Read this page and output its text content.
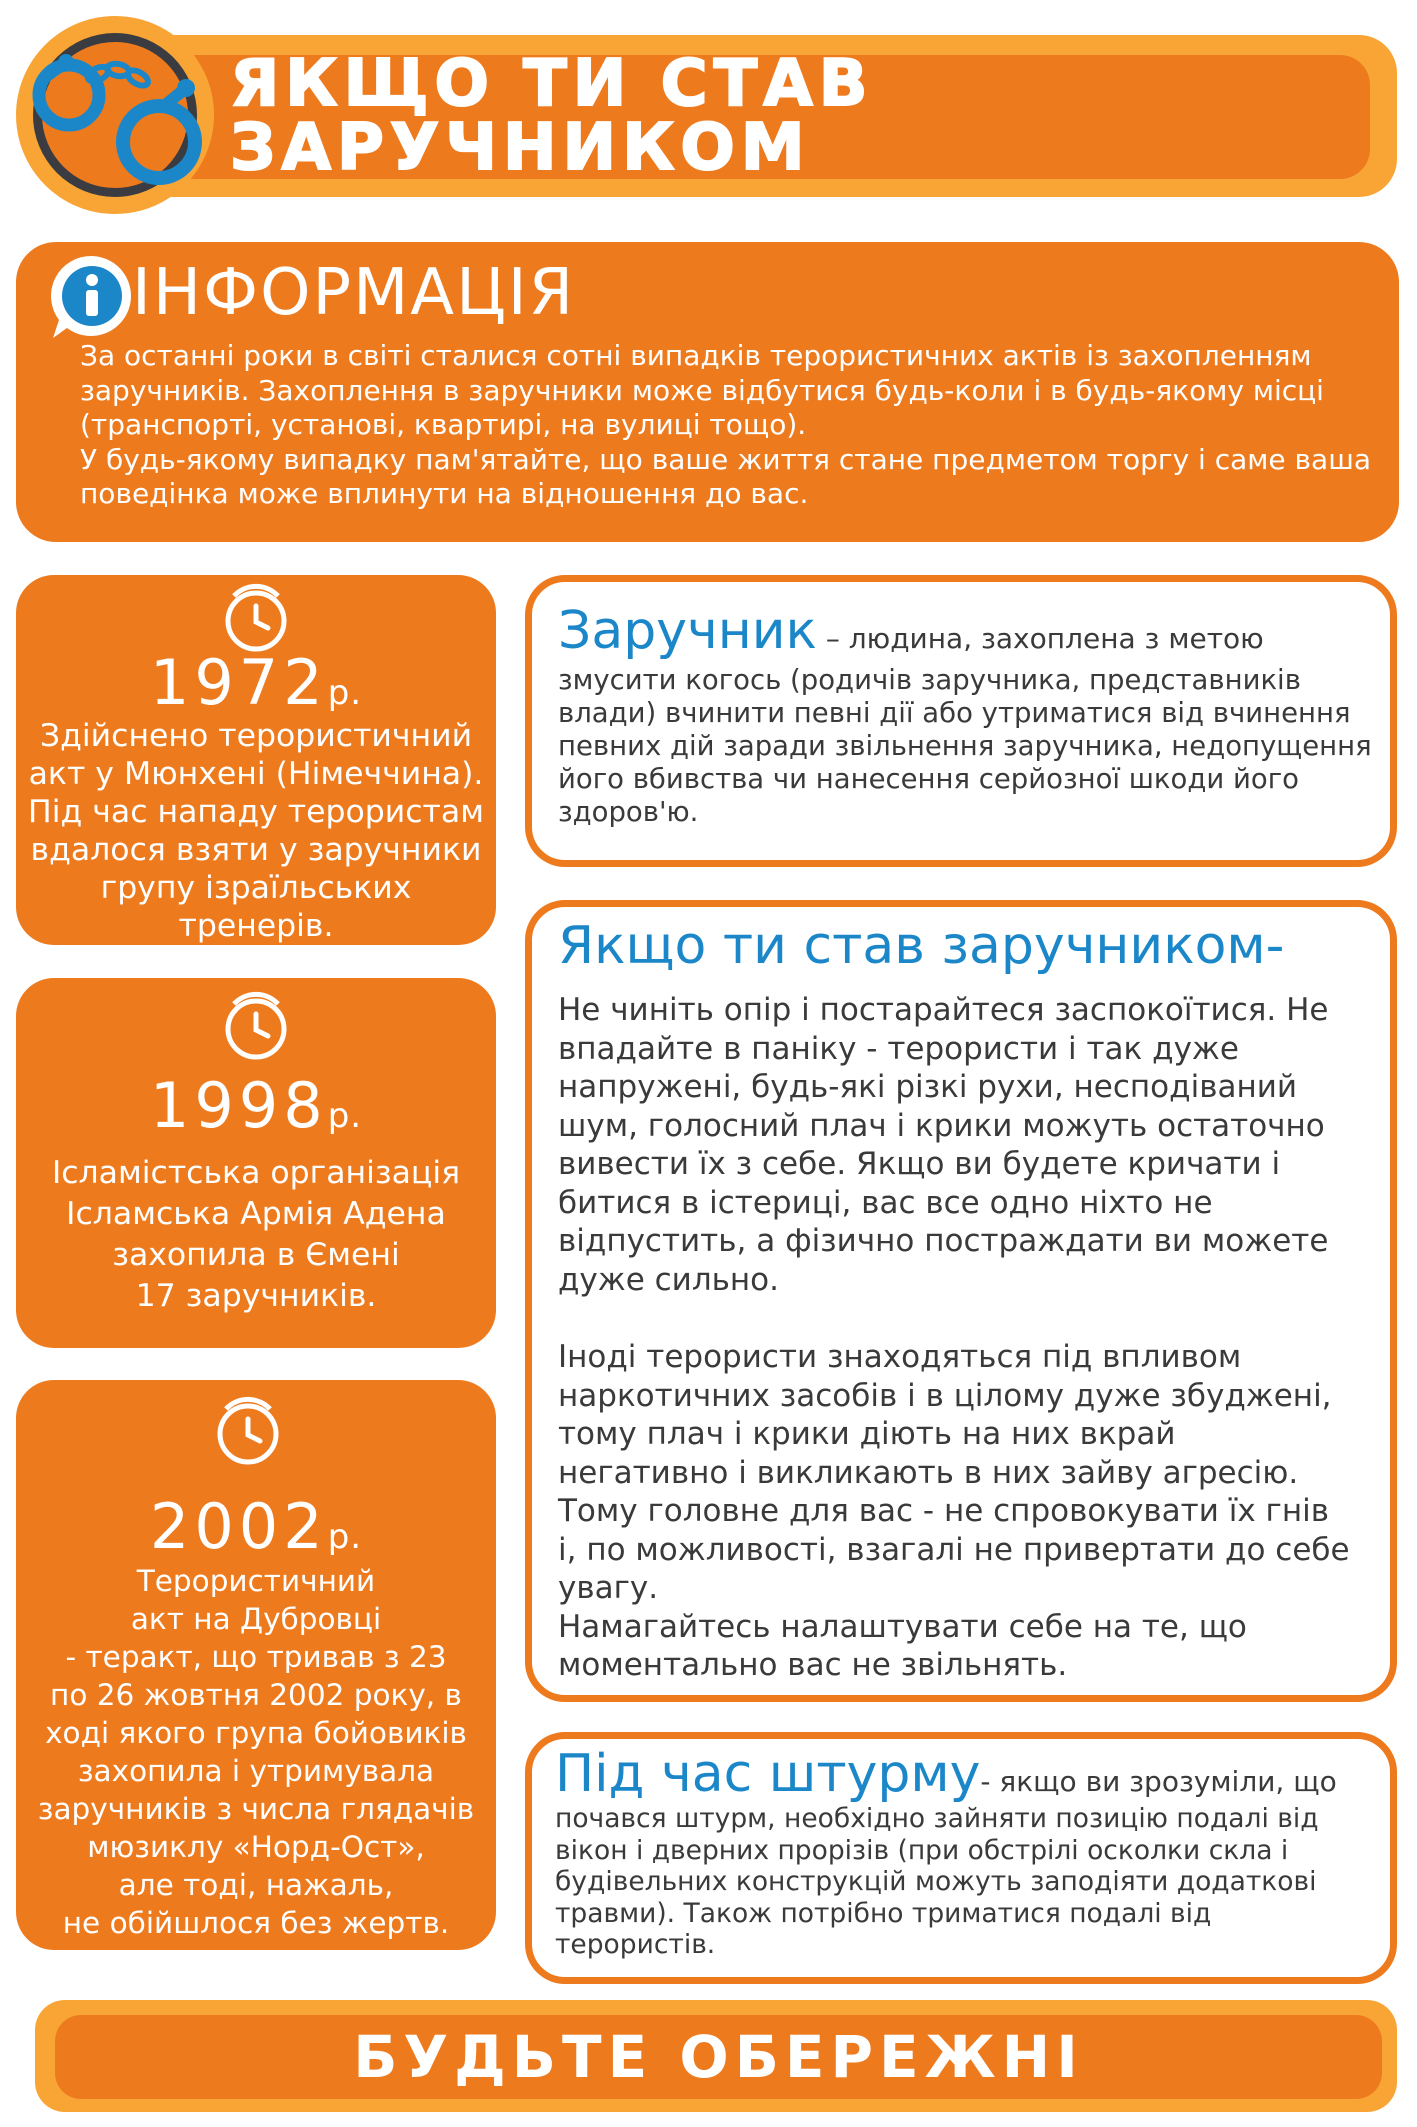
ЯКЩО ТИ СТАВ
ЗАРУЧНИКОМ
ІНФОРМАЦІЯ
За останні роки в світі сталися сотні випадків терористичних актів із захопленням
заручників. Захоплення в заручники може відбутися будь-коли і в будь-якому місці
(транспорті, установі, квартирі, на вулиці тощо).
У будь-якому випадку пам'ятайте, що ваше життя стане предметом торгу і саме ваша
поведінка може вплинути на відношення до вас.
1972р.
Здійснено терористичний
акт у Мюнхені (Німеччина).
Під час нападу терористам
вдалося взяти у заручники
групу ізраїльських
тренерів.
1998р.
Ісламістська організація
Ісламська Армія Адена
захопила в Ємені
17 заручників.
2002р.
Терористичний
акт на Дубровці
- теракт, що тривав з 23
по 26 жовтня 2002 року, в
ході якого група бойовиків
захопила і утримувала
заручників з числа глядачів
мюзиклу «Норд-Ост»,
але тоді, нажаль,
не обійшлося без жертв.
Заручник – людина, захоплена з метою
змусити когось (родичів заручника, представників
влади) вчинити певні дії або утриматися від вчинення
певних дій заради звільнення заручника, недопущення
його вбивства чи нанесення серйозної шкоди його
здоров'ю.
Якщо ти став заручником-
Не чиніть опір і постарайтеся заспокоїтися. Не
впадайте в паніку - терористи і так дуже
напружені, будь-які різкі рухи, несподіваний
шум, голосний плач і крики можуть остаточно
вивести їх з себе. Якщо ви будете кричати і
битися в істериці, вас все одно ніхто не
відпустить, а фізично постраждати ви можете
дуже сильно.
Іноді терористи знаходяться під впливом
наркотичних засобів і в цілому дуже збуджені,
тому плач і крики діють на них вкрай
негативно і викликають в них зайву агресію.
Тому головне для вас - не спровокувати їх гнів
і, по можливості, взагалі не привертати до себе
увагу.
Намагайтесь налаштувати себе на те, що
моментально вас не звільнять.
Під час штурму- якщо ви зрозуміли, що
почався штурм, необхідно зайняти позицію подалі від
вікон і дверних прорізів (при обстрілі осколки скла і
будівельних конструкцій можуть заподіяти додаткові
травми). Також потрібно триматися подалі від
терористів.
БУДЬТЕ ОБЕРЕЖНІ
